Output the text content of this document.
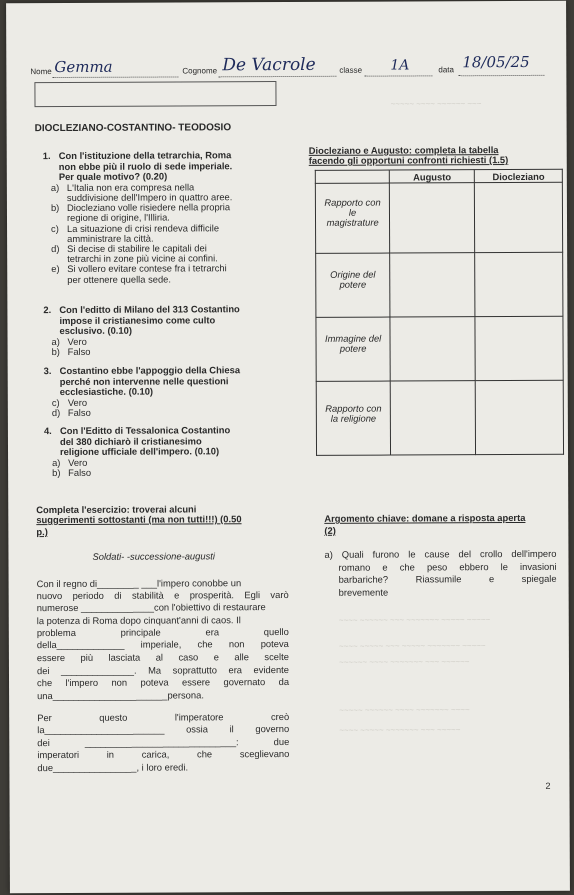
Nome Gemma	Cognome De Vacrole	classe 1A	data 18/05/25
~~~~~ ~~~~ ~~~~~~ ~~~
DIOCLEZIANO-COSTANTINO- TEODOSIO
1. Con l'istituzione della tetrarchia, Roma
non ebbe più il ruolo di sede imperiale.
Per quale motivo? (0.20)
a) L'Italia non era compresa nella
suddivisione dell'Impero in quattro aree.
b) Diocleziano volle risiedere nella propria
regione di origine, l'Illiria.
c) La situazione di crisi rendeva difficile
amministrare la città.
d) Si decise di stabilire le capitali dei
tetrarchi in zone più vicine ai confini.
e) Si vollero evitare contese fra i tetrarchi
per ottenere quella sede.
2. Con l'editto di Milano del 313 Costantino
impose il cristianesimo come culto
esclusivo. (0.10)
a) Vero
b) Falso
3. Costantino ebbe l'appoggio della Chiesa
perché non intervenne nelle questioni
ecclesiastiche. (0.10)
c) Vero
d) Falso
4. Con l'Editto di Tessalonica Costantino
del 380 dichiarò il cristianesimo
religione ufficiale dell'impero. (0.10)
a) Vero
b) Falso
Diocleziano e Augusto: completa la tabella
facendo gli opportuni confronti richiesti (1.5)
	Augusto	Diocleziano

Rapporto con
le
magistrature		

Origine del
potere		

Immagine del
potere		

Rapporto con
la religione		

Completa l'esercizio: troverai alcuni
suggerimenti sottostanti (ma non tutti!!!) (0.50
p.)
Soldati- -successione-augusti
Con il regno di________ ___l'impero conobbe un
nuovo periodo di stabilità e prosperità. Egli varò
numerose ______________con l'obiettivo di restaurare
la potenza di Roma dopo cinquant'anni di caos. Il
problema principale era quello
della_____________ imperiale, che non poteva
essere più lasciata al caso e alle scelte
dei ______________. Ma soprattutto era evidente
che l'impero non poteva essere governato da
una______________________persona.
Per questo l'imperatore creò
la_______________________ ossia il governo
dei _____________________________: due
imperatori in carica, che sceglievano
due________________, i loro eredi.
Argomento chiave: domane a risposta aperta
(2)
a) Quali furono le cause del crollo dell'impero
romano e che peso ebbero le invasioni
barbariche? Riassumile e spiegale
brevemente
~~~~ ~~~~~~ ~~~ ~~~~~~~ ~~~~~ ~~~~~
~~~~ ~~~~~ ~~~ ~~~~~ ~~~~~~~ ~~~~~
~~~~~~ ~~~~ ~~~~~~~ ~~~ ~~~~~~
~~~~~ ~~~~~~ ~~~~ ~~~~~~~ ~~~~
~~~~ ~~~~~ ~~~~~~~ ~~~ ~~~~~
2
